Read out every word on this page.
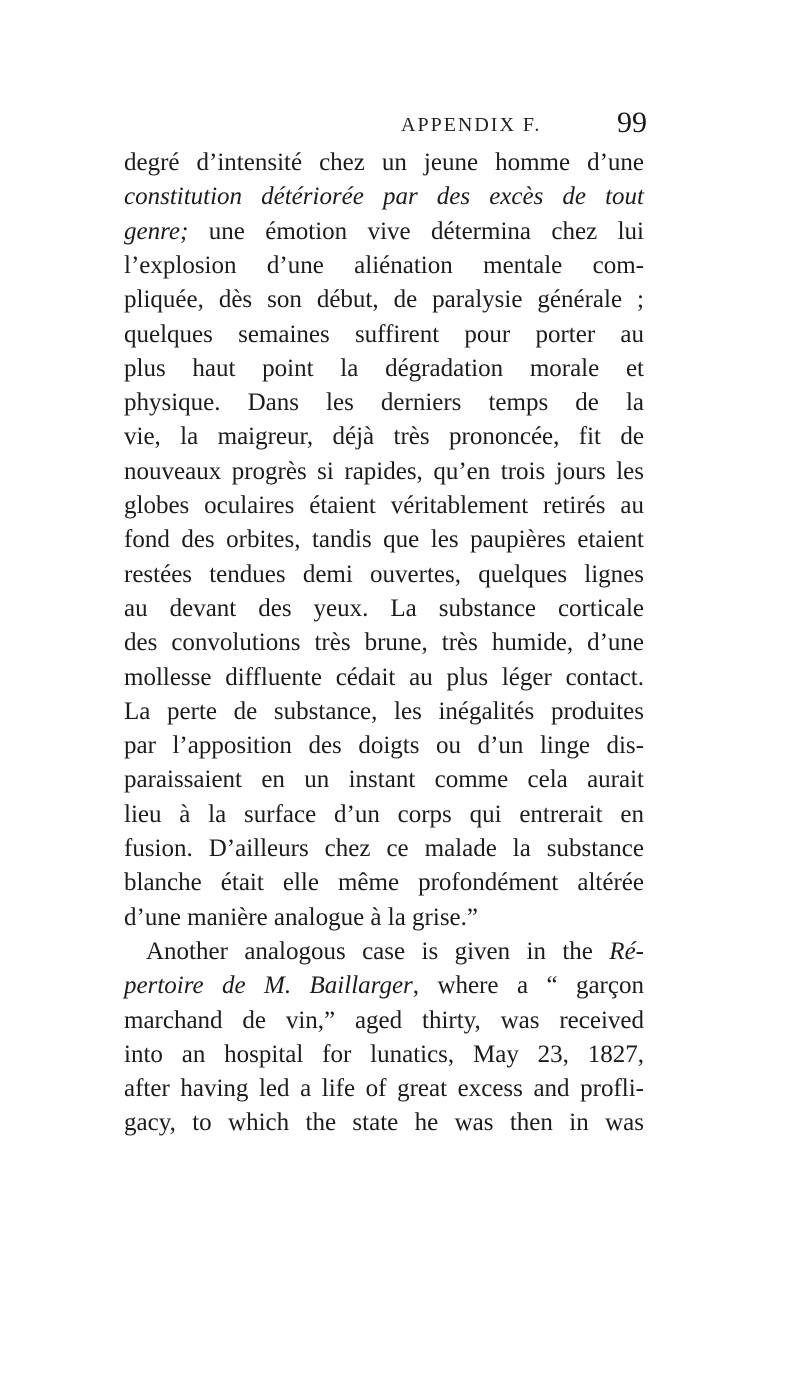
APPENDIX F.	99
degré d’intensité chez un jeune homme d’une
constitution détériorée par des excès de tout
genre; une émotion vive détermina chez lui
l’explosion d’une aliénation mentale com-
pliquée, dès son début, de paralysie générale ;
quelques semaines suffirent pour porter au
plus haut point la dégradation morale et
physique. Dans les derniers temps de la
vie, la maigreur, déjà très prononcée, fit de
nouveaux progrès si rapides, qu’en trois jours les
globes oculaires étaient véritablement retirés au
fond des orbites, tandis que les paupières etaient
restées tendues demi ouvertes, quelques lignes
au devant des yeux. La substance corticale
des convolutions très brune, très humide, d’une
mollesse diffluente cédait au plus léger contact.
La perte de substance, les inégalités produites
par l’apposition des doigts ou d’un linge dis-
paraissaient en un instant comme cela aurait
lieu à la surface d’un corps qui entrerait en
fusion. D’ailleurs chez ce malade la substance
blanche était elle même profondément altérée
d’une manière analogue à la grise.”
Another analogous case is given in the Ré-
pertoire de M. Baillarger, where a “ garçon
marchand de vin,” aged thirty, was received
into an hospital for lunatics, May 23, 1827,
after having led a life of great excess and profli-
gacy, to which the state he was then in was
